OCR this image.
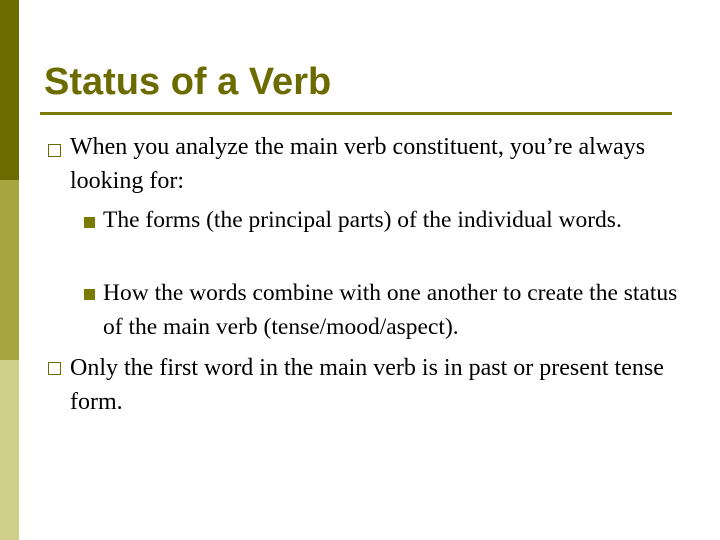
Status of a Verb
When you analyze the main verb constituent, you’re always looking for:
The forms (the principal parts) of the individual words.
How the words combine with one another to create the status of the main verb (tense/mood/aspect).
Only the first word in the main verb is in past or present tense form.
